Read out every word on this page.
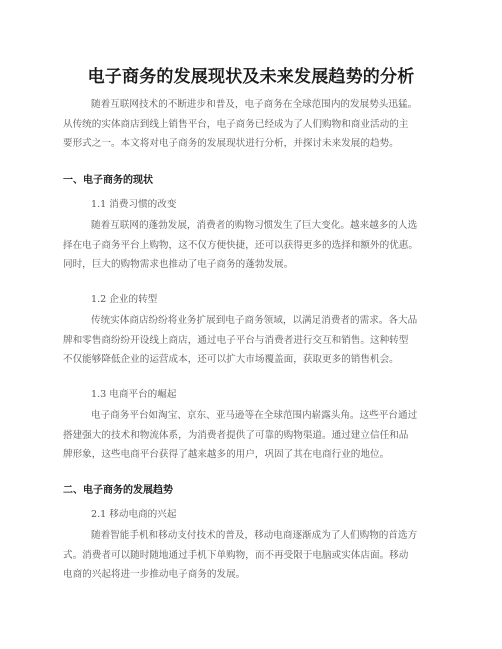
电子商务的发展现状及未来发展趋势的分析

随着互联网技术的不断进步和普及，电子商务在全球范围内的发展势头迅猛。
从传统的实体商店到线上销售平台，电子商务已经成为了人们购物和商业活动的主
要形式之一。本文将对电子商务的发展现状进行分析，并探讨未来发展的趋势。

一、电子商务的现状
1.1 消费习惯的改变

随着互联网的蓬勃发展，消费者的购物习惯发生了巨大变化。越来越多的人选
择在电子商务平台上购物，这不仅方便快捷，还可以获得更多的选择和额外的优惠。
同时，巨大的购物需求也推动了电子商务的蓬勃发展。

1.2 企业的转型

传统实体商店纷纷将业务扩展到电子商务领域，以满足消费者的需求。各大品
牌和零售商纷纷开设线上商店，通过电子平台与消费者进行交互和销售。这种转型
不仅能够降低企业的运营成本，还可以扩大市场覆盖面，获取更多的销售机会。

1.3 电商平台的崛起

电子商务平台如淘宝、京东、亚马逊等在全球范围内崭露头角。这些平台通过
搭建强大的技术和物流体系，为消费者提供了可靠的购物渠道。通过建立信任和品
牌形象，这些电商平台获得了越来越多的用户，巩固了其在电商行业的地位。

二、电子商务的发展趋势
2.1 移动电商的兴起

随着智能手机和移动支付技术的普及，移动电商逐渐成为了人们购物的首选方
式。消费者可以随时随地通过手机下单购物，而不再受限于电脑或实体店面。移动
电商的兴起将进一步推动电子商务的发展。
